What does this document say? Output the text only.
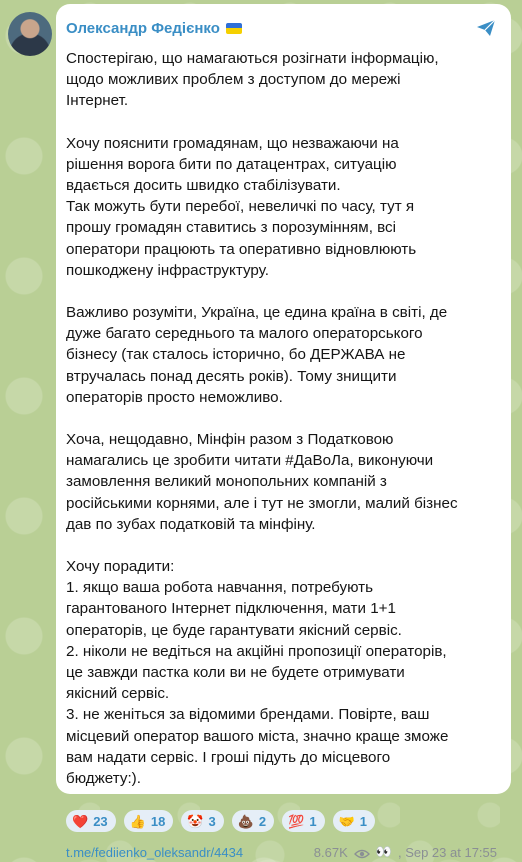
Олександр Федієнко
Спостерігаю, що намагаються розігнати інформацію,
щодо можливих проблем з доступом до мережі
Інтернет.
Хочу пояснити громадянам, що незважаючи на
рішення ворога бити по датацентрах, ситуацію
вдається досить швидко стабілізувати.
Так можуть бути перебої, невеличкі по часу, тут я
прошу громадян ставитись з порозумінням, всі
оператори працюють та оперативно відновлюють
пошкоджену інфраструктуру.
Важливо розуміти, Україна, це едина країна в світі, де
дуже багато середнього та малого операторського
бізнесу (так сталось історично, бо ДЕРЖАВА не
втручалась понад десять років). Тому знищити
операторів просто неможливо.
Хоча, нещодавно, Мінфін разом з Податковою
намагались це зробити читати #ДаВоЛа, виконуючи
замовлення великий монопольних компаній з
російськими корнями, але і тут не змогли, малий бізнес
дав по зубах податковій та мінфіну.
Хочу порадити:
1. якщо ваша робота навчання, потребують
гарантованого Інтернет підключення, мати 1+1
операторів, це буде гарантувати якісний сервіс.
2. ніколи не ведіться на акційні пропозиції операторів,
це завжди пастка коли ви не будете отримувати
якісний сервіс.
3. не женіться за відомими брендами. Повірте, ваш
місцевий оператор вашого міста, значно краще зможе
вам надати сервіс. І гроші підуть до місцевого
бюджету:).
❤️ 23 👍 18 🤡 3 💩 2 💯 1 🤝 1
t.me/fediienko_oleksandr/4434	8.67K 👀 , Sep 23 at 17:55
